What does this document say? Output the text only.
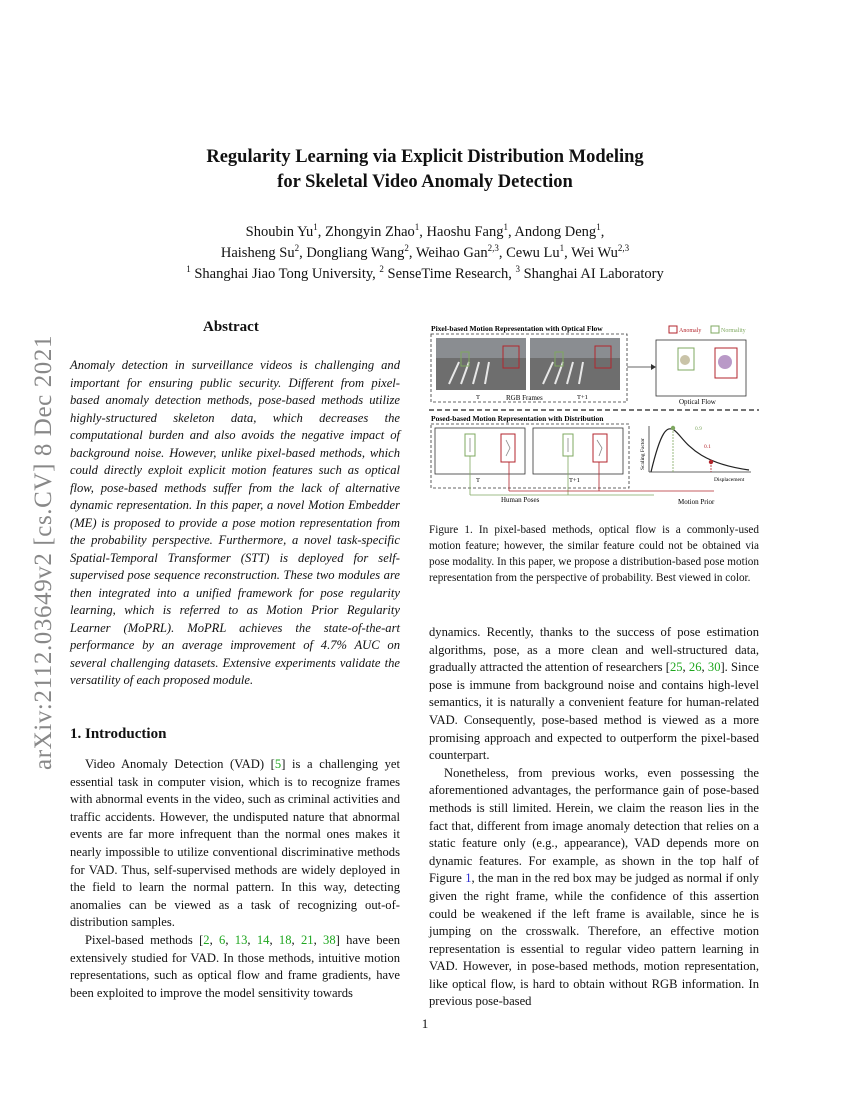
arXiv:2112.03649v2 [cs.CV] 8 Dec 2021
Regularity Learning via Explicit Distribution Modeling
for Skeletal Video Anomaly Detection
Shoubin Yu$^1$, Zhongyin Zhao$^1$, Haoshu Fang$^1$, Andong Deng$^1$,
Haisheng Su$^2$, Dongliang Wang$^2$, Weihao Gan$^{2,3}$, Cewu Lu$^1$, Wei Wu$^{2,3}$
$^1$ Shanghai Jiao Tong University, $^2$ SenseTime Research, $^3$ Shanghai AI Laboratory
Abstract
Anomaly detection in surveillance videos is challenging and important for ensuring public security. Different from pixel-based anomaly detection methods, pose-based methods utilize highly-structured skeleton data, which decreases the computational burden and also avoids the negative impact of background noise. However, unlike pixel-based methods, which could directly exploit explicit motion features such as optical flow, pose-based methods suffer from the lack of alternative dynamic representation. In this paper, a novel Motion Embedder (ME) is proposed to provide a pose motion representation from the probability perspective. Furthermore, a novel task-specific Spatial-Temporal Transformer (STT) is deployed for self-supervised pose sequence reconstruction. These two modules are then integrated into a unified framework for pose regularity learning, which is referred to as Motion Prior Regularity Learner (MoPRL). MoPRL achieves the state-of-the-art performance by an average improvement of 4.7% AUC on several challenging datasets. Extensive experiments validate the versatility of each proposed module.
1. Introduction

Video Anomaly Detection (VAD) [5] is a challenging yet essential task in computer vision, which is to recognize frames with abnormal events in the video, such as criminal activities and traffic accidents. However, the undisputed nature that abnormal events are far more infrequent than the normal ones makes it nearly impossible to utilize conventional discriminative methods for VAD. Thus, self-supervised methods are widely deployed in the field to learn the normal pattern. In this way, detecting anomalies can be viewed as a task of recognizing out-of-distribution samples.

Pixel-based methods [2, 6, 13, 14, 18, 21, 38] have been extensively studied for VAD. In those methods, intuitive motion representations, such as optical flow and frame gradients, have been exploited to improve the model sensitivity towards

Pixel-based Motion Representation with Optical Flow	Anomaly	Normality
T	RGB Frames	T+1
Optical Flow
Posed-based Motion Representation with Distribution
T	T+1
Human Poses
0.9
0.1
Scaling Factor
Displacement
Motion Prior
Figure 1. In pixel-based methods, optical flow is a commonly-used motion feature; however, the similar feature could not be obtained via pose modality. In this paper, we propose a distribution-based pose motion representation from the perspective of probability. Best viewed in color.

dynamics. Recently, thanks to the success of pose estimation algorithms, pose, as a more clean and well-structured data, gradually attracted the attention of researchers [25, 26, 30]. Since pose is immune from background noise and contains high-level semantics, it is naturally a convenient feature for human-related VAD. Consequently, pose-based method is viewed as a more promising approach and expected to outperform the pixel-based counterpart.

Nonetheless, from previous works, even possessing the aforementioned advantages, the performance gain of pose-based methods is still limited. Herein, we claim the reason lies in the fact that, different from image anomaly detection that relies on a static feature only (e.g., appearance), VAD depends more on dynamic features. For example, as shown in the top half of Figure 1, the man in the red box may be judged as normal if only given the right frame, while the confidence of this assertion could be weakened if the left frame is available, since he is jumping on the crosswalk. Therefore, an effective motion representation is essential to regular video pattern learning in VAD. However, in pose-based methods, motion representation, like optical flow, is hard to obtain without RGB information. In previous pose-based

1
